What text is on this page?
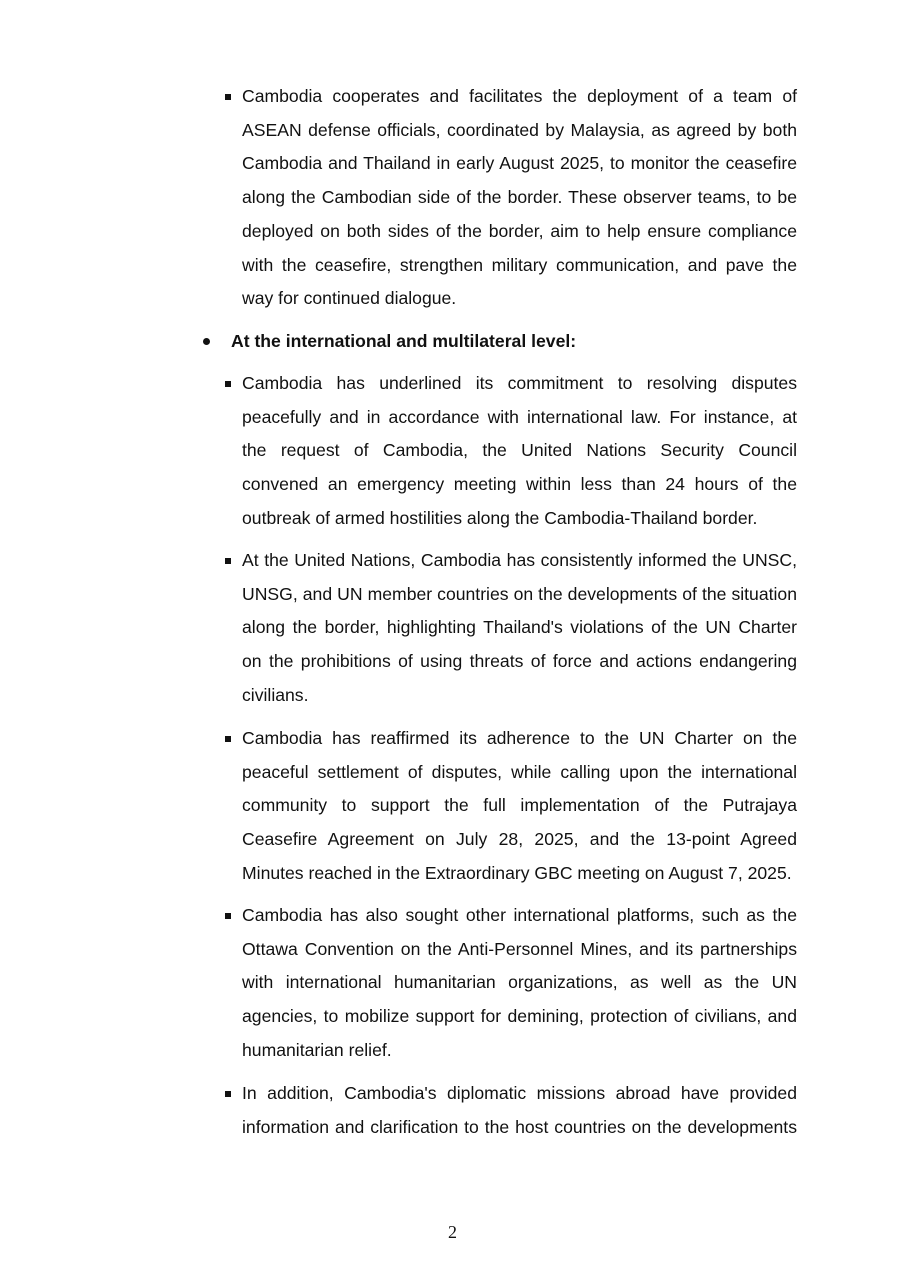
Cambodia cooperates and facilitates the deployment of a team of ASEAN defense officials, coordinated by Malaysia, as agreed by both Cambodia and Thailand in early August 2025, to monitor the ceasefire along the Cambodian side of the border. These observer teams, to be deployed on both sides of the border, aim to help ensure compliance with the ceasefire, strengthen military communication, and pave the way for continued dialogue.
At the international and multilateral level:
Cambodia has underlined its commitment to resolving disputes peacefully and in accordance with international law. For instance, at the request of Cambodia, the United Nations Security Council convened an emergency meeting within less than 24 hours of the outbreak of armed hostilities along the Cambodia-Thailand border.
At the United Nations, Cambodia has consistently informed the UNSC, UNSG, and UN member countries on the developments of the situation along the border, highlighting Thailand's violations of the UN Charter on the prohibitions of using threats of force and actions endangering civilians.
Cambodia has reaffirmed its adherence to the UN Charter on the peaceful settlement of disputes, while calling upon the international community to support the full implementation of the Putrajaya Ceasefire Agreement on July 28, 2025, and the 13-point Agreed Minutes reached in the Extraordinary GBC meeting on August 7, 2025.
Cambodia has also sought other international platforms, such as the Ottawa Convention on the Anti-Personnel Mines, and its partnerships with international humanitarian organizations, as well as the UN agencies, to mobilize support for demining, protection of civilians, and humanitarian relief.
In addition, Cambodia's diplomatic missions abroad have provided information and clarification to the host countries on the developments
2
